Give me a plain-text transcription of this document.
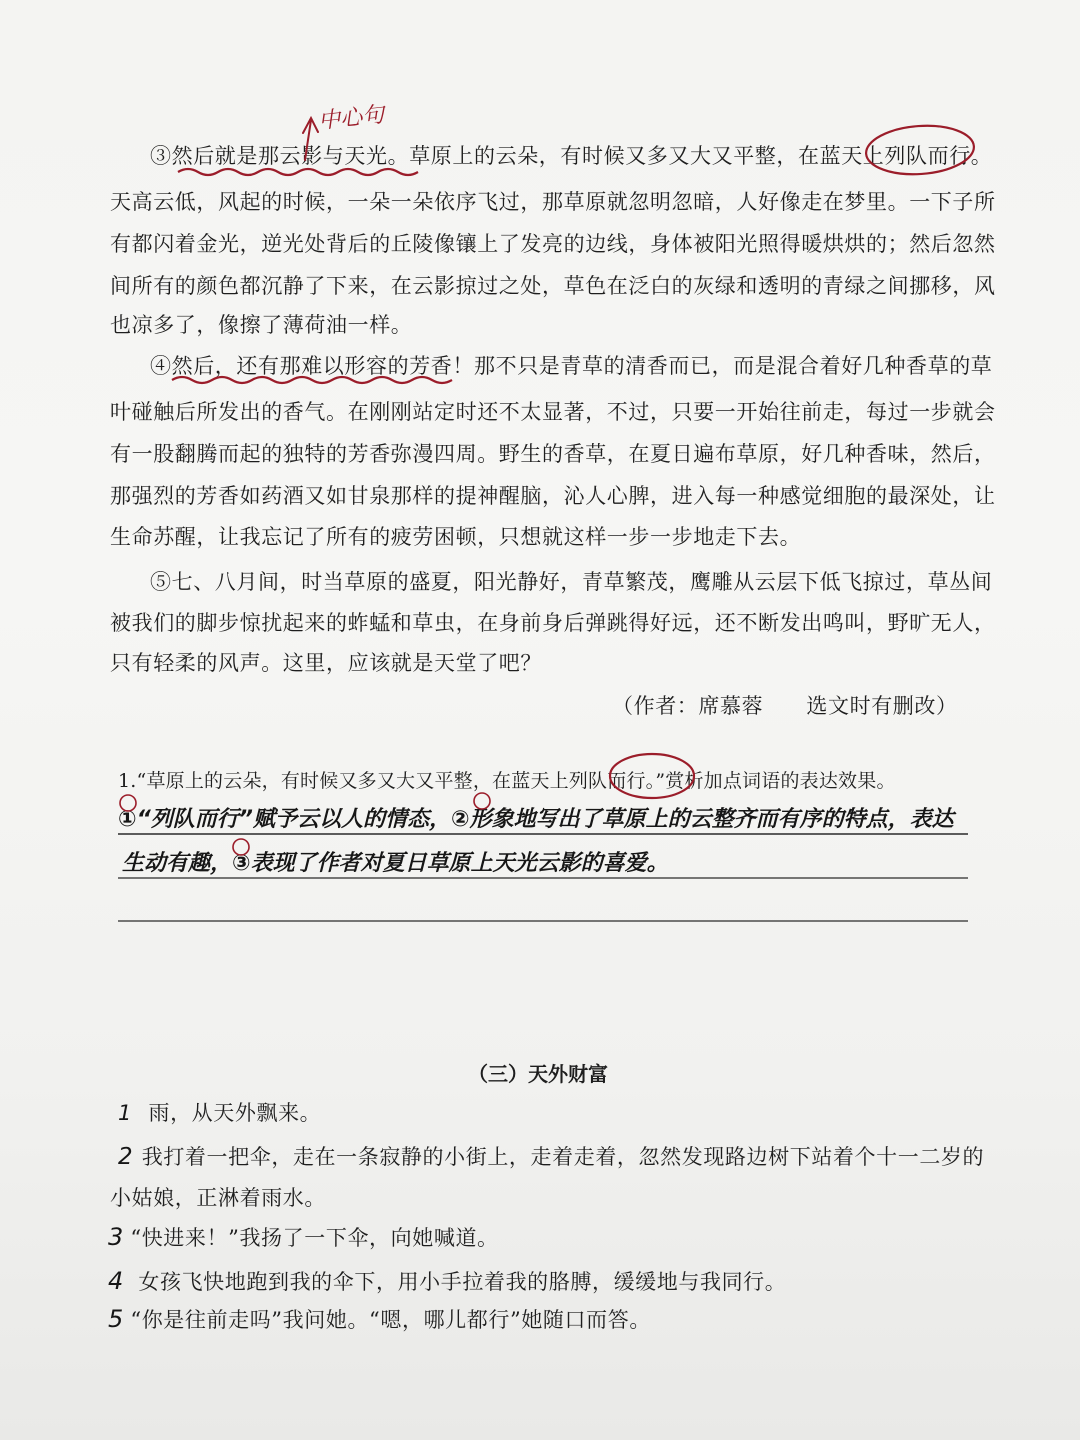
中心句
③然后就是那云影与天光。草原上的云朵，有时候又多又大又平整，在蓝天上列队而行。
天高云低，风起的时候，一朵一朵依序飞过，那草原就忽明忽暗，人好像走在梦里。一下子所
有都闪着金光，逆光处背后的丘陵像镶上了发亮的边线，身体被阳光照得暖烘烘的；然后忽然
间所有的颜色都沉静了下来，在云影掠过之处，草色在泛白的灰绿和透明的青绿之间挪移，风
也凉多了，像擦了薄荷油一样。
④然后，还有那难以形容的芳香！那不只是青草的清香而已，而是混合着好几种香草的草
叶碰触后所发出的香气。在刚刚站定时还不太显著，不过，只要一开始往前走，每过一步就会
有一股翻腾而起的独特的芳香弥漫四周。野生的香草，在夏日遍布草原，好几种香味，然后，
那强烈的芳香如药酒又如甘泉那样的提神醒脑，沁人心脾，进入每一种感觉细胞的最深处，让
生命苏醒，让我忘记了所有的疲劳困顿，只想就这样一步一步地走下去。
⑤七、八月间，时当草原的盛夏，阳光静好，青草繁茂，鹰雕从云层下低飞掠过，草丛间
被我们的脚步惊扰起来的蚱蜢和草虫，在身前身后弹跳得好远，还不断发出鸣叫，野旷无人，
只有轻柔的风声。这里，应该就是天堂了吧？
（作者：席慕蓉　　选文时有删改）
1.“草原上的云朵，有时候又多又大又平整，在蓝天上列队而行。”赏析加点词语的表达效果。
①“列队而行”赋予云以人的情态，②形象地写出了草原上的云整齐而有序的特点，表达
生动有趣，③表现了作者对夏日草原上天光云影的喜爱。
（三）天外财富
1 雨，从天外飘来。
2 我打着一把伞，走在一条寂静的小街上，走着走着，忽然发现路边树下站着个十一二岁的
小姑娘，正淋着雨水。
3 “快进来！”我扬了一下伞，向她喊道。
4 女孩飞快地跑到我的伞下，用小手拉着我的胳膊，缓缓地与我同行。
5 “你是往前走吗”我问她。“嗯，哪儿都行”她随口而答。
